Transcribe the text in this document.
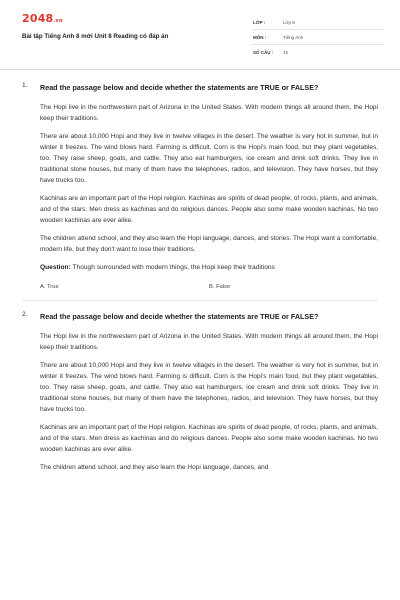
2048.vn
Bài tập Tiếng Anh 8 mới Unit 8 Reading có đáp án
LỚP :	Lớp 8
MÔN :	Tiếng Anh
SỐ CÂU :	15
1. Read the passage below and decide whether the statements are TRUE or FALSE?

The Hopi live in the northwestern part of Arizona in the United States. With modern things all around them, the Hopi keep their traditions.

There are about 10,000 Hopi and they live in twelve villages in the desert. The weather is very hot in summer, but in winter it freezes. The wind blows hard. Farming is difficult. Corn is the Hopi's main food, but they plant vegetables, too. They raise sheep, goats, and cattle. They also eat hamburgers, ice cream and drink soft drinks. They live in traditional stone houses, but many of them have the telephones, radios, and television. They have horses, but they have trucks too.

Kachinas are an important part of the Hopi religion. Kachinas are spirits of dead people, of rocks, plants, and animals, and of the stars. Men dress as kachinas and do religious dances. People also some make wooden kachinas. No two wooden kachinas are ever alike.

The children attend school, and they also learn the Hopi language, dances, and stories. The Hopi want a comfortable, modern life, but they don't want to lose their traditions.

Question: Though surrounded with modern things, the Hopi keep their traditions
A. True	B. False
2. Read the passage below and decide whether the statements are TRUE or FALSE?

The Hopi live in the northwestern part of Arizona in the United States. With modern things all around them, the Hopi keep their traditions.

There are about 10,000 Hopi and they live in twelve villages in the desert. The weather is very hot in summer, but in winter it freezes. The wind blows hard. Farming is difficult. Corn is the Hopi's main food, but they plant vegetables, too. They raise sheep, goats, and cattle. They also eat hamburgers, ice cream and drink soft drinks. They live in traditional stone houses, but many of them have the telephones, radios, and television. They have horses, but they have trucks too.

Kachinas are an important part of the Hopi religion. Kachinas are spirits of dead people, of rocks, plants, and animals, and of the stars. Men dress as kachinas and do religious dances. People also some make wooden kachinas. No two wooden kachinas are ever alike.

The children attend school, and they also learn the Hopi language, dances, and
